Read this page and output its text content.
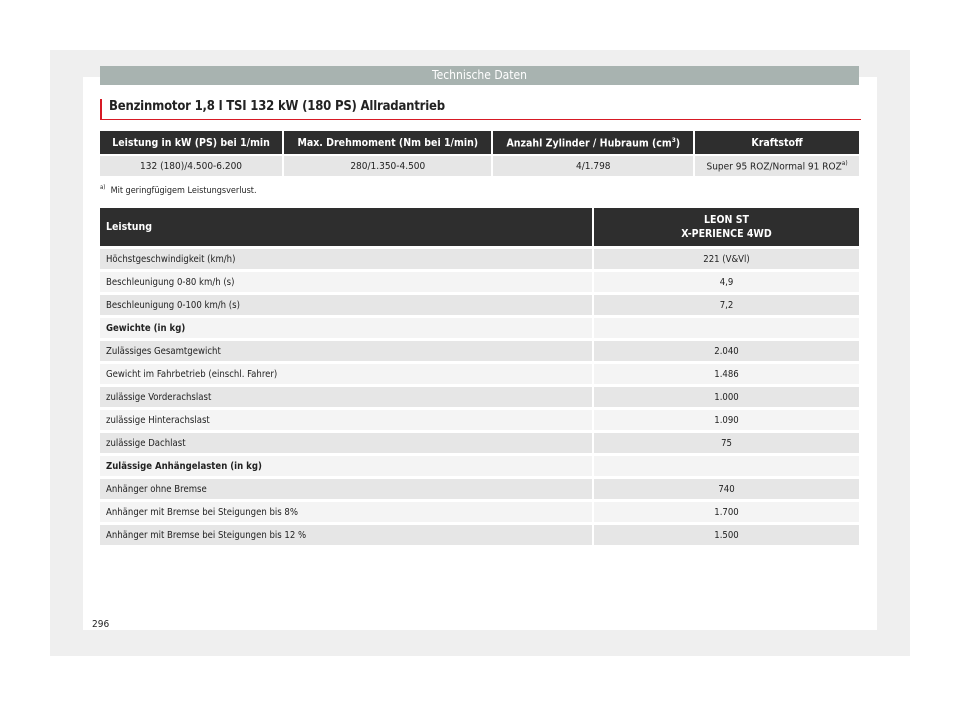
Technische Daten
Benzinmotor 1,8 l TSI 132 kW (180 PS) Allradantrieb
Leistung in kW (PS) bei 1/min	Max. Drehmoment (Nm bei 1/min)	Anzahl Zylinder / Hubraum $(cm^3)$	Kraftstoff
132 (180)/4.500-6.200	280/1.350-4.500	4/1.798	Super 95 ROZ/Normal 91 ROZ$^{a)}$
$^{a)}$ Mit geringfügigem Leistungsverlust.
Leistung	LEON ST
X-PERIENCE 4WD
Höchstgeschwindigkeit (km/h)	221 (V&Vl)
Beschleunigung 0-80 km/h (s)	4,9
Beschleunigung 0-100 km/h (s)	7,2
Gewichte (in kg)	
Zulässiges Gesamtgewicht	2.040
Gewicht im Fahrbetrieb (einschl. Fahrer)	1.486
zulässige Vorderachslast	1.000
zulässige Hinterachslast	1.090
zulässige Dachlast	75
Zulässige Anhängelasten (in kg)	
Anhänger ohne Bremse	740
Anhänger mit Bremse bei Steigungen bis 8%	1.700
Anhänger mit Bremse bei Steigungen bis 12 %	1.500
296
